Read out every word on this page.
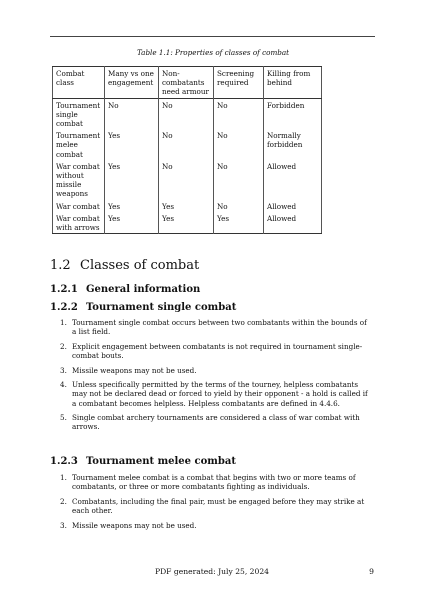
Table 1.1: Properties of classes of combat
Combat class	Many vs one engagement	Non-combatants need armour	Screening required	Killing from behind
Tournament single combat	No	No	No	Forbidden
Tournament melee combat	Yes	No	No	Normally forbidden
War combat without missile weapons	Yes	No	No	Allowed
War combat	Yes	Yes	No	Allowed
War combat with arrows	Yes	Yes	Yes	Allowed
1.2 Classes of combat
1.2.1 General information
1.2.2 Tournament single combat
1. Tournament single combat occurs between two combatants within the bounds of a list field.
2. Explicit engagement between combatants is not required in tournament single-combat bouts.
3. Missile weapons may not be used.
4. Unless specifically permitted by the terms of the tourney, helpless combatants may not be declared dead or forced to yield by their opponent - a hold is called if a combatant becomes helpless. Helpless combatants are defined in 4.4.6.
5. Single combat archery tournaments are considered a class of war combat with arrows.
1.2.3 Tournament melee combat
1. Tournament melee combat is a combat that begins with two or more teams of combatants, or three or more combatants fighting as individuals.
2. Combatants, including the final pair, must be engaged before they may strike at each other.
3. Missile weapons may not be used.
PDF generated: July 25, 2024	9
